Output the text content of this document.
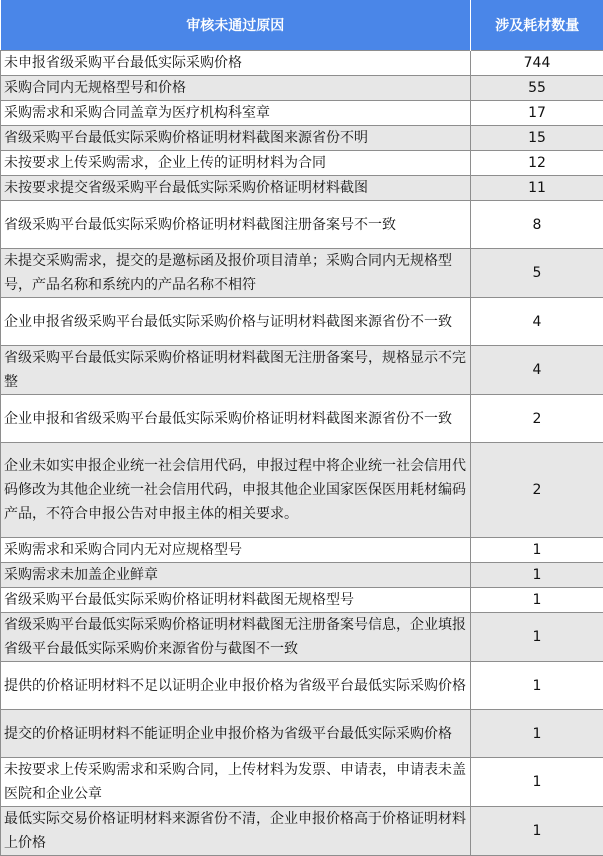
审核未通过原因	涉及耗材数量
未申报省级采购平台最低实际采购价格	744
采购合同内无规格型号和价格	55
采购需求和采购合同盖章为医疗机构科室章	17
省级采购平台最低实际采购价格证明材料截图来源省份不明	15
未按要求上传采购需求，企业上传的证明材料为合同	12
未按要求提交省级采购平台最低实际采购价格证明材料截图	11
省级采购平台最低实际采购价格证明材料截图注册备案号不一致	8
未提交采购需求，提交的是邀标函及报价项目清单；采购合同内无规格型号，产品名称和系统内的产品名称不相符	5
企业申报省级采购平台最低实际采购价格与证明材料截图来源省份不一致	4
省级采购平台最低实际采购价格证明材料截图无注册备案号，规格显示不完整	4
企业申报和省级采购平台最低实际采购价格证明材料截图来源省份不一致	2
企业未如实申报企业统一社会信用代码，申报过程中将企业统一社会信用代码修改为其他企业统一社会信用代码，申报其他企业国家医保医用耗材编码产品，不符合申报公告对申报主体的相关要求。	2
采购需求和采购合同内无对应规格型号	1
采购需求未加盖企业鲜章	1
省级采购平台最低实际采购价格证明材料截图无规格型号	1
省级采购平台最低实际采购价格证明材料截图无注册备案号信息，企业填报省级平台最低实际采购价来源省份与截图不一致	1
提供的价格证明材料不足以证明企业申报价格为省级平台最低实际采购价格	1
提交的价格证明材料不能证明企业申报价格为省级平台最低实际采购价格	1
未按要求上传采购需求和采购合同，上传材料为发票、申请表，申请表未盖医院和企业公章	1
最低实际交易价格证明材料来源省份不清，企业申报价格高于价格证明材料上价格	1
